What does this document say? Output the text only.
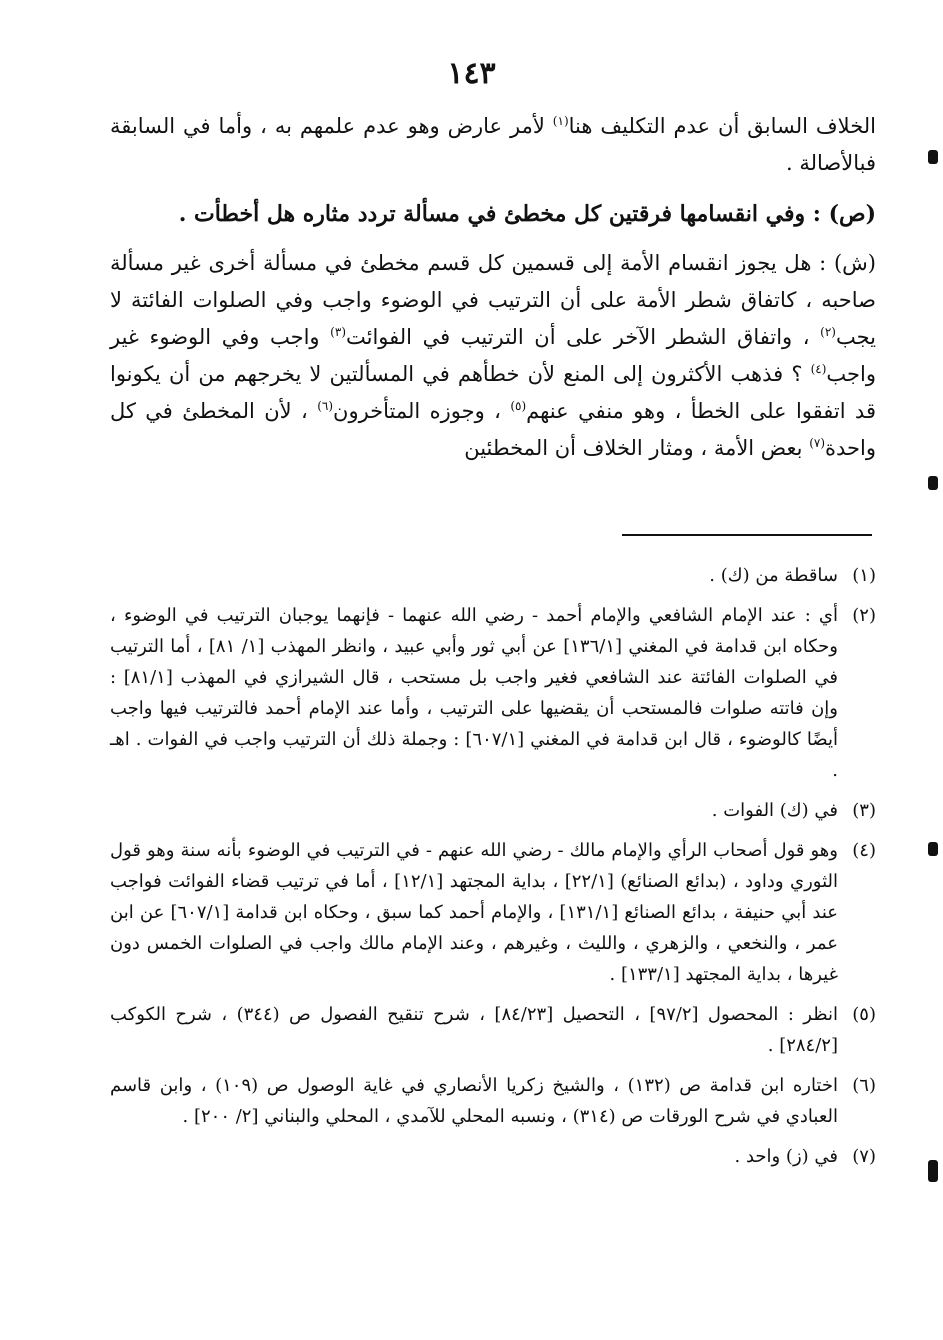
١٤٣

الخلاف السابق أن عدم التكليف هنا$^{(١)}$ لأمر عارض وهو عدم علمهم به ، وأما في السابقة فبالأصالة .

(ص) : وفي انقسامها فرقتين كل مخطئ في مسألة تردد مثاره هل أخطأت .

(ش) : هل يجوز انقسام الأمة إلى قسمين كل قسم مخطئ في مسألة أخرى غير مسألة صاحبه ، كاتفاق شطر الأمة على أن الترتيب في الوضوء واجب وفي الصلوات الفائتة لا يجب$^{(٢)}$ ، واتفاق الشطر الآخر على أن الترتيب في الفوائت$^{(٣)}$ واجب وفي الوضوء غير واجب$^{(٤)}$ ؟ فذهب الأكثرون إلى المنع لأن خطأهم في المسألتين لا يخرجهم من أن يكونوا قد اتفقوا على الخطأ ، وهو منفي عنهم$^{(٥)}$ ، وجوزه المتأخرون$^{(٦)}$ ، لأن المخطئ في كل واحدة$^{(٧)}$ بعض الأمة ، ومثار الخلاف أن المخطئين

(١)
ساقطة من (ك) .
(٢)
أي : عند الإمام الشافعي والإمام أحمد - رضي الله عنهما - فإنهما يوجبان الترتيب في الوضوء ، وحكاه ابن قدامة في المغني [١٣٦/١] عن أبي ثور وأبي عبيد ، وانظر المهذب [١/ ٨١] ، أما الترتيب في الصلوات الفائتة عند الشافعي فغير واجب بل مستحب ، قال الشيرازي في المهذب [٨١/١] : وإن فاتته صلوات فالمستحب أن يقضيها على الترتيب ، وأما عند الإمام أحمد فالترتيب فيها واجب أيضًا كالوضوء ، قال ابن قدامة في المغني [٦٠٧/١] : وجملة ذلك أن الترتيب واجب في الفوات . اهـ .
(٣)
في (ك) الفوات .
(٤)
وهو قول أصحاب الرأي والإمام مالك - رضي الله عنهم - في الترتيب في الوضوء بأنه سنة وهو قول الثوري وداود ، (بدائع الصنائع) [٢٢/١] ، بداية المجتهد [١٢/١] ، أما في ترتيب قضاء الفوائت فواجب عند أبي حنيفة ، بدائع الصنائع [١٣١/١] ، والإمام أحمد كما سبق ، وحكاه ابن قدامة [٦٠٧/١] عن ابن عمر ، والنخعي ، والزهري ، والليث ، وغيرهم ، وعند الإمام مالك واجب في الصلوات الخمس دون غيرها ، بداية المجتهد [١٣٣/١] .
(٥)
انظر : المحصول [٩٧/٢] ، التحصيل [٨٤/٢٣] ، شرح تنقيح الفصول ص (٣٤٤) ، شرح الكوكب [٢٨٤/٢] .
(٦)
اختاره ابن قدامة ص (١٣٢) ، والشيخ زكريا الأنصاري في غاية الوصول ص (١٠٩) ، وابن قاسم العبادي في شرح الورقات ص (٣١٤) ، ونسبه المحلي للآمدي ، المحلي والبناني [٢/ ٢٠٠] .
(٧)
في (ز) واحد .
